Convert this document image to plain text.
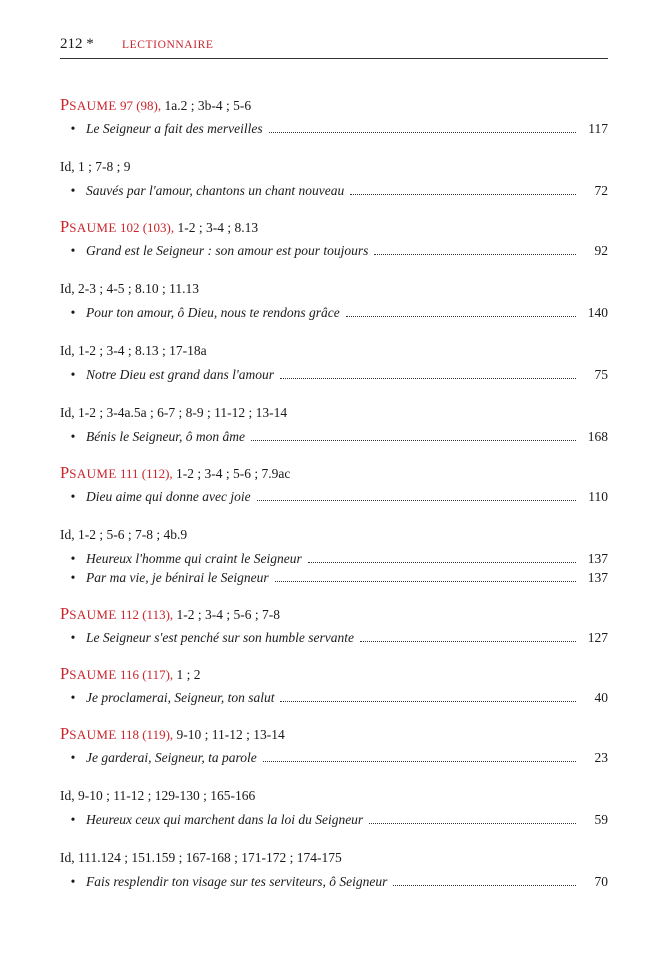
212 * LECTIONNAIRE
PSAUME 97 (98), 1a.2 ; 3b-4 ; 5-6
• Le Seigneur a fait des merveilles	117
Id, 1 ; 7-8 ; 9
• Sauvés par l'amour, chantons un chant nouveau	72
PSAUME 102 (103), 1-2 ; 3-4 ; 8.13
• Grand est le Seigneur : son amour est pour toujours	92
Id, 2-3 ; 4-5 ; 8.10 ; 11.13
• Pour ton amour, ô Dieu, nous te rendons grâce	140
Id, 1-2 ; 3-4 ; 8.13 ; 17-18a
• Notre Dieu est grand dans l'amour	75
Id, 1-2 ; 3-4a.5a ; 6-7 ; 8-9 ; 11-12 ; 13-14
• Bénis le Seigneur, ô mon âme	168
PSAUME 111 (112), 1-2 ; 3-4 ; 5-6 ; 7.9ac
• Dieu aime qui donne avec joie	110
Id, 1-2 ; 5-6 ; 7-8 ; 4b.9
• Heureux l'homme qui craint le Seigneur	137
• Par ma vie, je bénirai le Seigneur	137
PSAUME 112 (113), 1-2 ; 3-4 ; 5-6 ; 7-8
• Le Seigneur s'est penché sur son humble servante	127
PSAUME 116 (117), 1 ; 2
• Je proclamerai, Seigneur, ton salut	40
PSAUME 118 (119), 9-10 ; 11-12 ; 13-14
• Je garderai, Seigneur, ta parole	23
Id, 9-10 ; 11-12 ; 129-130 ; 165-166
• Heureux ceux qui marchent dans la loi du Seigneur	59
Id, 111.124 ; 151.159 ; 167-168 ; 171-172 ; 174-175
• Fais resplendir ton visage sur tes serviteurs, ô Seigneur	70
